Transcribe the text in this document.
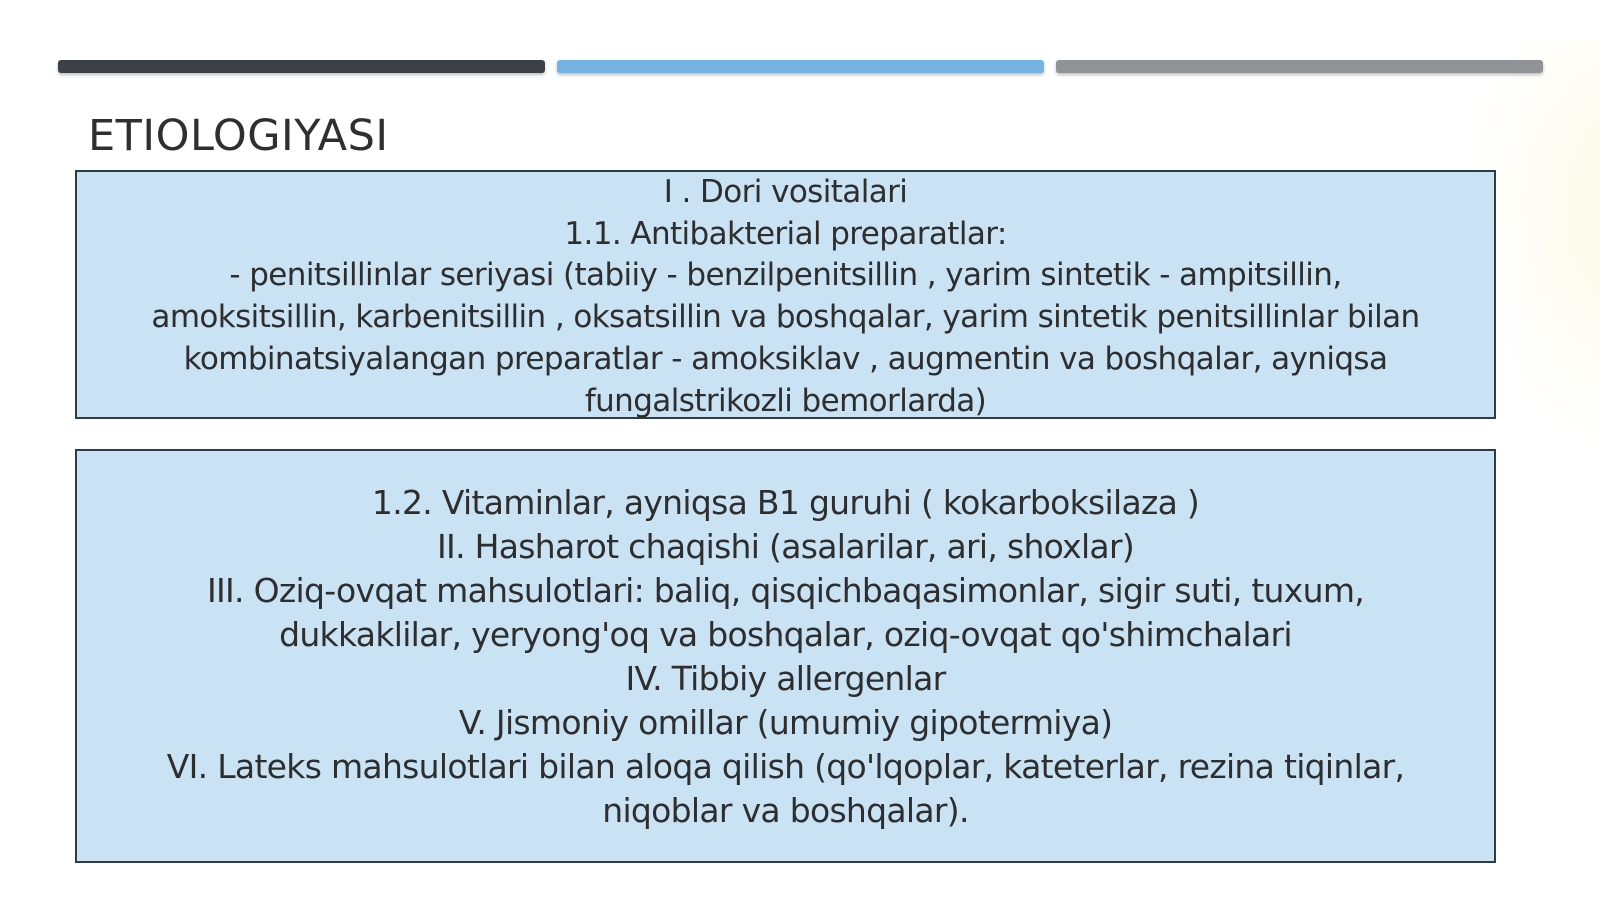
ETIOLOGIYASI
I . Dori vositalari
1.1. Antibakterial preparatlar:
- penitsillinlar seriyasi (tabiiy - benzilpenitsillin , yarim sintetik - ampitsillin,
amoksitsillin, karbenitsillin , oksatsillin va boshqalar, yarim sintetik penitsillinlar bilan
kombinatsiyalangan preparatlar - amoksiklav , augmentin va boshqalar, ayniqsa
fungalstrikozli bemorlarda)
1.2. Vitaminlar, ayniqsa B1 guruhi ( kokarboksilaza )
II. Hasharot chaqishi (asalarilar, ari, shoxlar)
III. Oziq-ovqat mahsulotlari: baliq, qisqichbaqasimonlar, sigir suti, tuxum,
dukkaklilar, yeryong'oq va boshqalar, oziq-ovqat qo'shimchalari
IV. Tibbiy allergenlar
V. Jismoniy omillar (umumiy gipotermiya)
VI. Lateks mahsulotlari bilan aloqa qilish (qo'lqoplar, kateterlar, rezina tiqinlar,
niqoblar va boshqalar).
